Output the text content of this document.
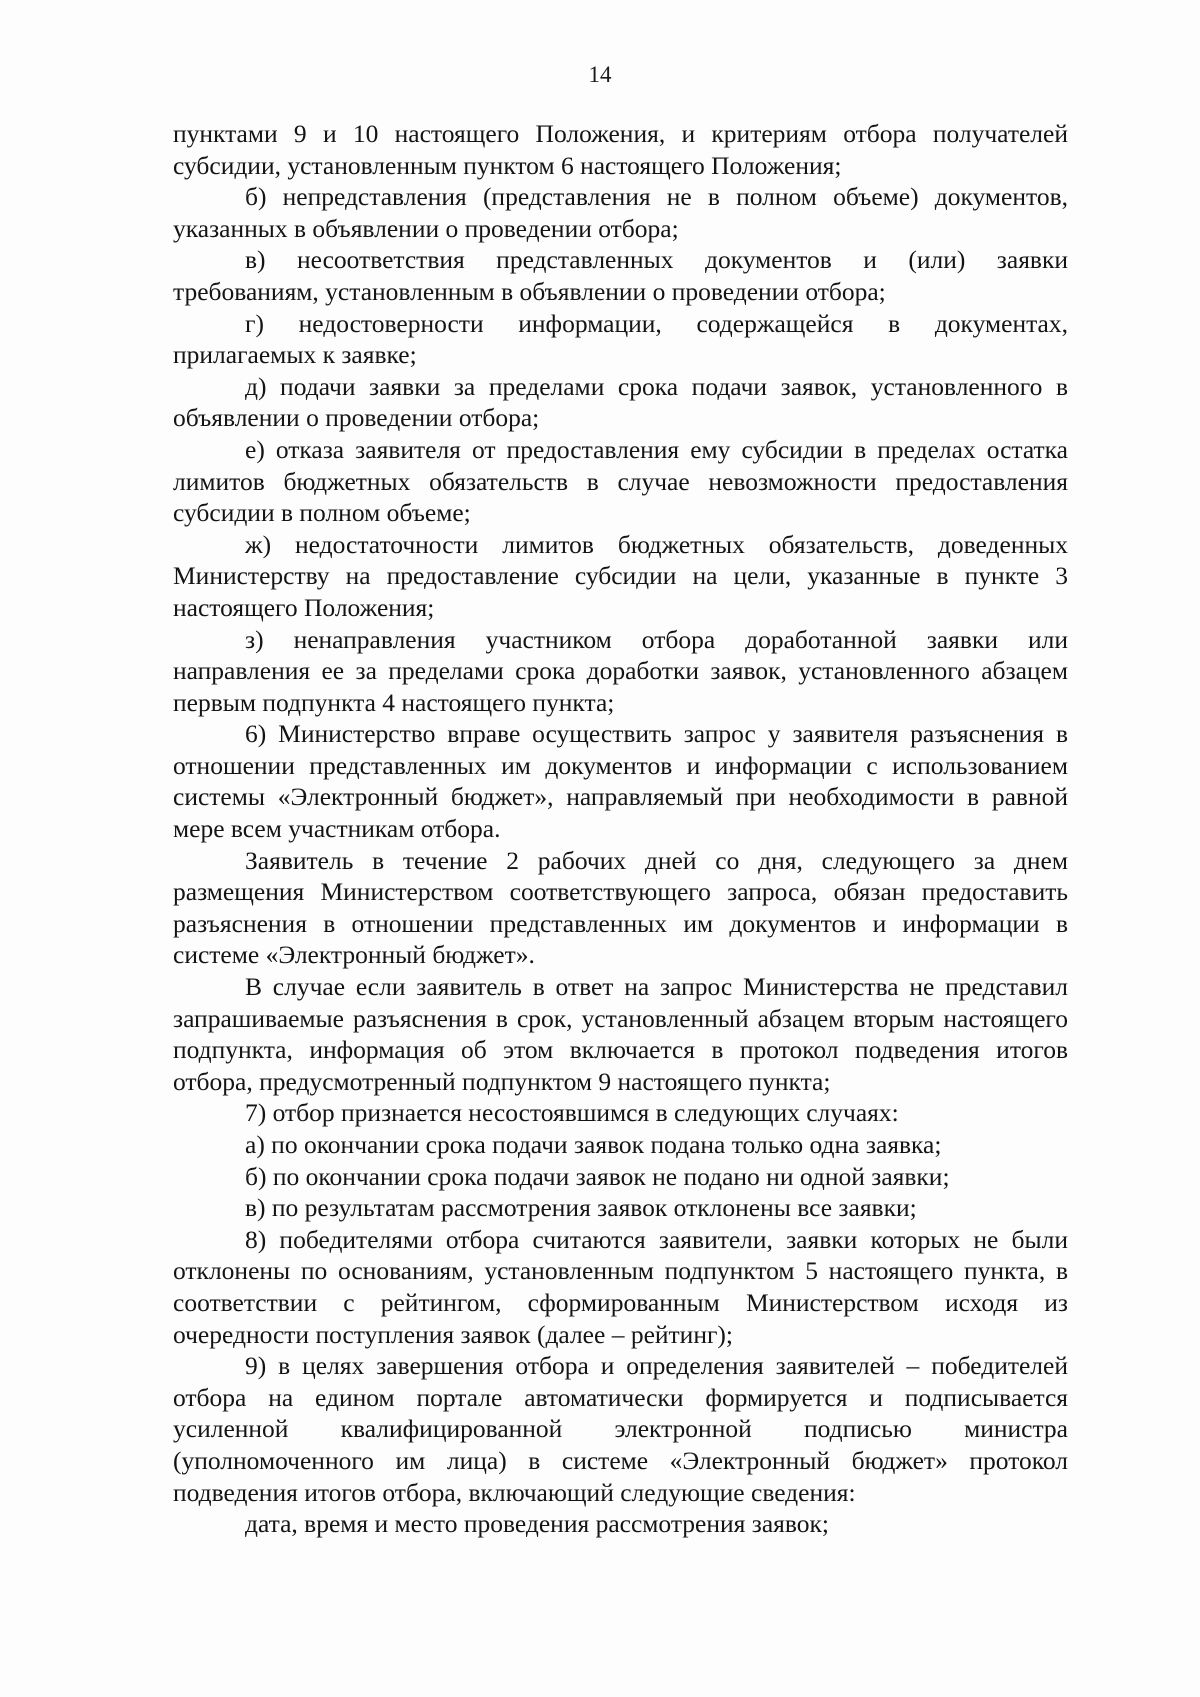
14

пунктами 9 и 10 настоящего Положения, и критериям отбора получателей субсидии, установленным пунктом 6 настоящего Положения;

б) непредставления (представления не в полном объеме) документов, указанных в объявлении о проведении отбора;

в) несоответствия представленных документов и (или) заявки требованиям, установленным в объявлении о проведении отбора;

г) недостоверности информации, содержащейся в документах, прилагаемых к заявке;

д) подачи заявки за пределами срока подачи заявок, установленного в объявлении о проведении отбора;

е) отказа заявителя от предоставления ему субсидии в пределах остатка лимитов бюджетных обязательств в случае невозможности предоставления субсидии в полном объеме;

ж) недостаточности лимитов бюджетных обязательств, доведенных Министерству на предоставление субсидии на цели, указанные в пункте 3 настоящего Положения;

з) ненаправления участником отбора доработанной заявки или направления ее за пределами срока доработки заявок, установленного абзацем первым подпункта 4 настоящего пункта;

6) Министерство вправе осуществить запрос у заявителя разъяснения в отношении представленных им документов и информации с использованием системы «Электронный бюджет», направляемый при необходимости в равной мере всем участникам отбора.

Заявитель в течение 2 рабочих дней со дня, следующего за днем размещения Министерством соответствующего запроса, обязан предоставить разъяснения в отношении представленных им документов и информации в системе «Электронный бюджет».

В случае если заявитель в ответ на запрос Министерства не представил запрашиваемые разъяснения в срок, установленный абзацем вторым настоящего подпункта, информация об этом включается в протокол подведения итогов отбора, предусмотренный подпунктом 9 настоящего пункта;

7) отбор признается несостоявшимся в следующих случаях:

а) по окончании срока подачи заявок подана только одна заявка;

б) по окончании срока подачи заявок не подано ни одной заявки;

в) по результатам рассмотрения заявок отклонены все заявки;

8) победителями отбора считаются заявители, заявки которых не были отклонены по основаниям, установленным подпунктом 5 настоящего пункта, в соответствии с рейтингом, сформированным Министерством исходя из очередности поступления заявок (далее – рейтинг);

9) в целях завершения отбора и определения заявителей – победителей отбора на едином портале автоматически формируется и подписывается усиленной квалифицированной электронной подписью министра (уполномоченного им лица) в системе «Электронный бюджет» протокол подведения итогов отбора, включающий следующие сведения:

дата, время и место проведения рассмотрения заявок;
